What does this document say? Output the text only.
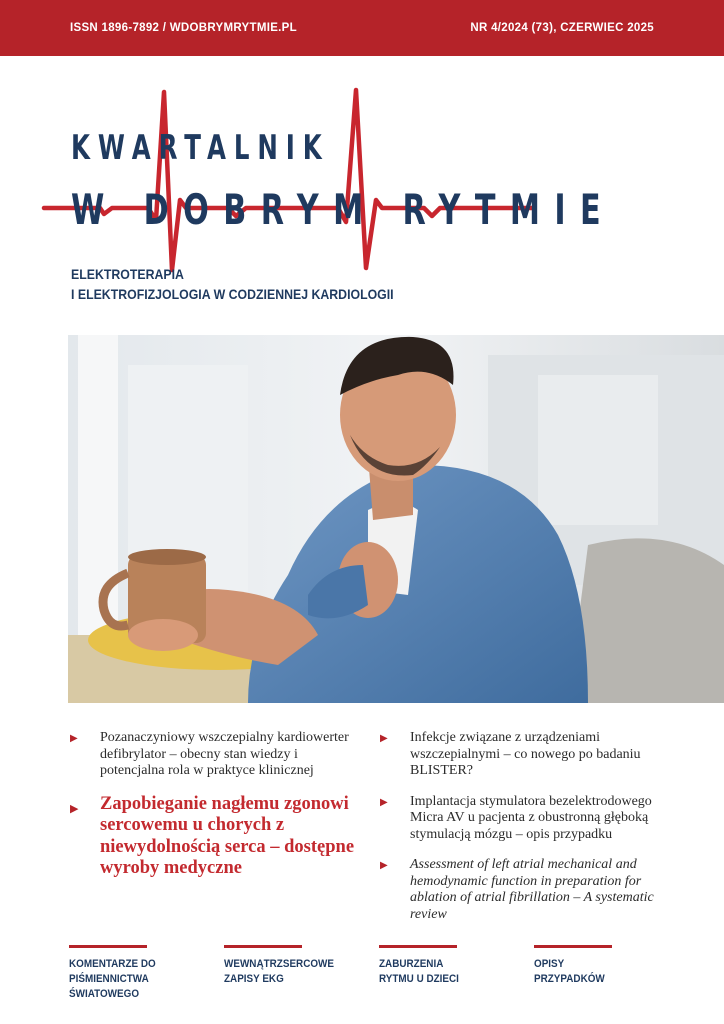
ISSN 1896-7892 / WDOBRYMRYTMIE.PL	NR 4/2024 (73), CZERWIEC 2025
KWARTALNIK
W DOBRYM RYTMIE
ELEKTROTERAPIA
I ELEKTROFIZJOLOGIA W CODZIENNEJ KARDIOLOGII
▶ Pozanaczyniowy wszczepialny kardiowerter defibrylator – obecny stan wiedzy i potencjalna rola w praktyce klinicznej
▶ Zapobieganie nagłemu zgonowi sercowemu u chorych z niewydolnością serca – dostępne wyroby medyczne
▶ Infekcje związane z urządzeniami wszczepialnymi – co nowego po badaniu BLISTER?
▶ Implantacja stymulatora bezelektrodowego Micra AV u pacjenta z obustronną głęboką stymulacją mózgu – opis przypadku
▶ Assessment of left atrial mechanical and hemodynamic function in preparation for ablation of atrial fibrillation – A systematic review
KOMENTARZE DO
PIŚMIENNICTWA ŚWIATOWEGO
WEWNĄTRZSERCOWE
ZAPISY EKG
ZABURZENIA
RYTMU U DZIECI
OPISY
PRZYPADKÓW
